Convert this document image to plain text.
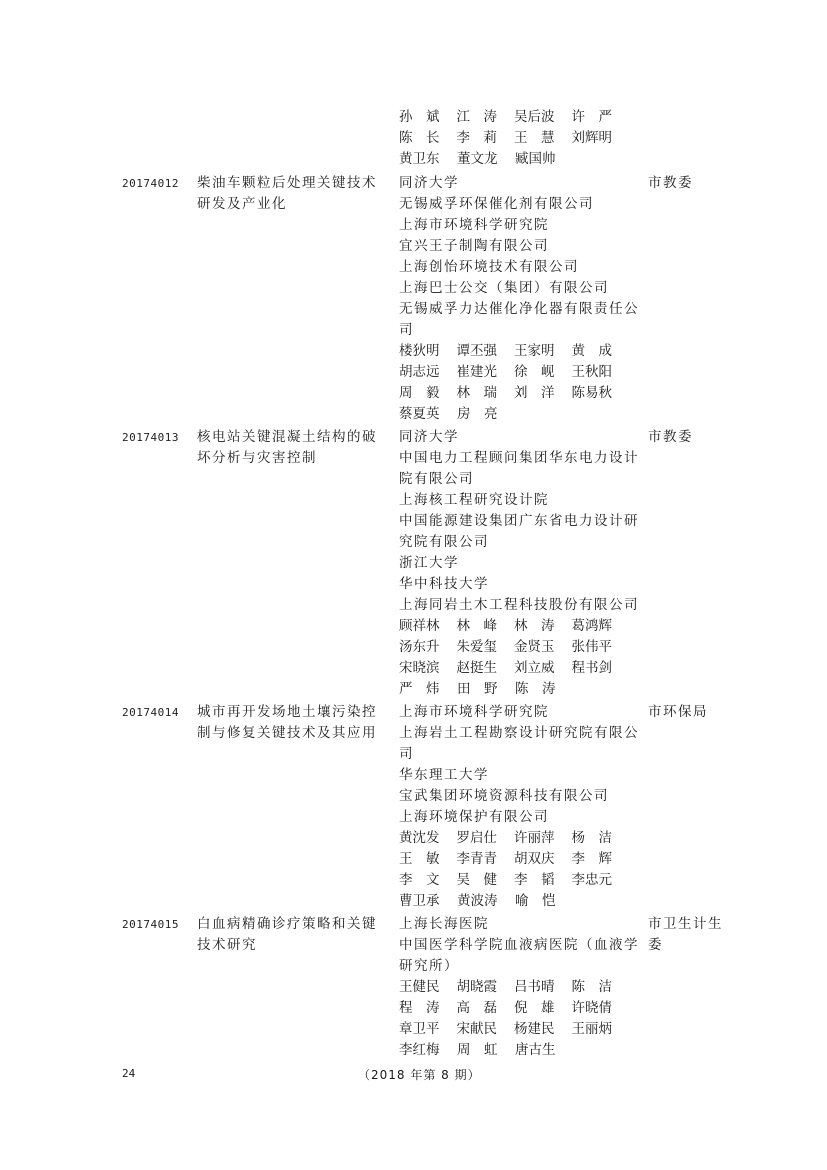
孙　斌	江　涛	吴后波	许　严
陈　长	李　莉	王　慧	刘辉明
黄卫东	董文龙	臧国帅
20174012 柴油车颗粒后处理关键技术研发及产业化
同济大学
无锡威孚环保催化剂有限公司
上海市环境科学研究院
宜兴王子制陶有限公司
上海创怡环境技术有限公司
上海巴士公交（集团）有限公司
无锡威孚力达催化净化器有限责任公司
楼狄明	谭丕强	王家明	黄　成
胡志远	崔建光	徐　岘	王秋阳
周　毅	林　瑞	刘　洋	陈易秋
蔡夏英	房　亮
市教委
20174013 核电站关键混凝土结构的破坏分析与灾害控制
同济大学
中国电力工程顾问集团华东电力设计院有限公司
上海核工程研究设计院
中国能源建设集团广东省电力设计研究院有限公司
浙江大学
华中科技大学
上海同岩土木工程科技股份有限公司
顾祥林	林　峰	林　涛	葛鸿辉
汤东升	朱爱玺	金贤玉	张伟平
宋晓滨	赵挺生	刘立威	程书剑
严　炜	田　野	陈　涛
市教委
20174014 城市再开发场地土壤污染控制与修复关键技术及其应用
上海市环境科学研究院
上海岩土工程勘察设计研究院有限公司
华东理工大学
宝武集团环境资源科技有限公司
上海环境保护有限公司
黄沈发	罗启仕	许丽萍	杨　洁
王　敏	李青青	胡双庆	李　辉
李　文	吴　健	李　韬	李忠元
曹卫承	黄波涛	喻　恺
市环保局
20174015 白血病精确诊疗策略和关键技术研究
上海长海医院
中国医学科学院血液病医院（血液学研究所）
王健民	胡晓霞	吕书晴	陈　洁
程　涛	高　磊	倪　雄	许晓倩
章卫平	宋献民	杨建民	王丽炳
李红梅	周　虹	唐古生
市卫生计生委
24	（2018 年第 8 期）
